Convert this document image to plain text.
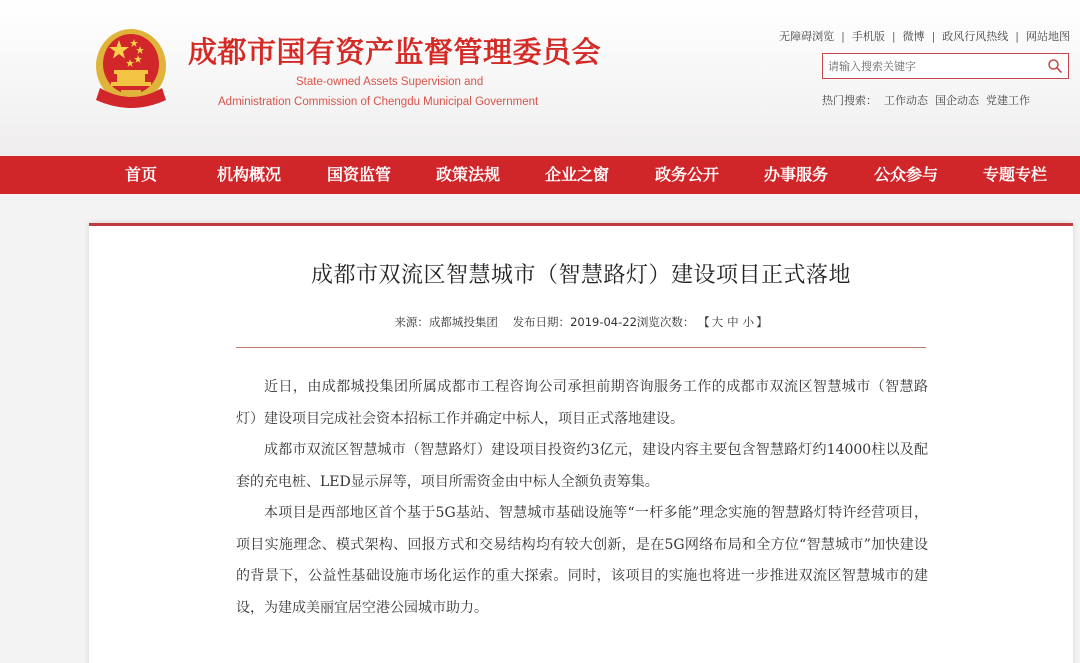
成都市国有资产监督管理委员会
State-owned Assets Supervision and
Administration Commission of Chengdu Municipal Government
无障碍浏览 | 手机版 | 微博 | 政风行风热线 | 网站地图
请输入搜索关键字
热门搜索： 工作动态 国企动态 党建工作
首页	机构概况	国资监管	政策法规	企业之窗	政务公开	办事服务	公众参与	专题专栏
成都市双流区智慧城市（智慧路灯）建设项目正式落地
来源：成都城投集团 发布日期：2019-04-22浏览次数： 【 大 中 小 】

近日，由成都城投集团所属成都市工程咨询公司承担前期咨询服务工作的成都市双流区智慧城市（智慧路灯）建设项目完成社会资本招标工作并确定中标人，项目正式落地建设。

成都市双流区智慧城市（智慧路灯）建设项目投资约3亿元，建设内容主要包含智慧路灯约14000柱以及配套的充电桩、LED显示屏等，项目所需资金由中标人全额负责筹集。

本项目是西部地区首个基于5G基站、智慧城市基础设施等“一杆多能”理念实施的智慧路灯特许经营项目，项目实施理念、模式架构、回报方式和交易结构均有较大创新，是在5G网络布局和全方位“智慧城市”加快建设的背景下，公益性基础设施市场化运作的重大探索。同时，该项目的实施也将进一步推进双流区智慧城市的建设，为建成美丽宜居空港公园城市助力。
